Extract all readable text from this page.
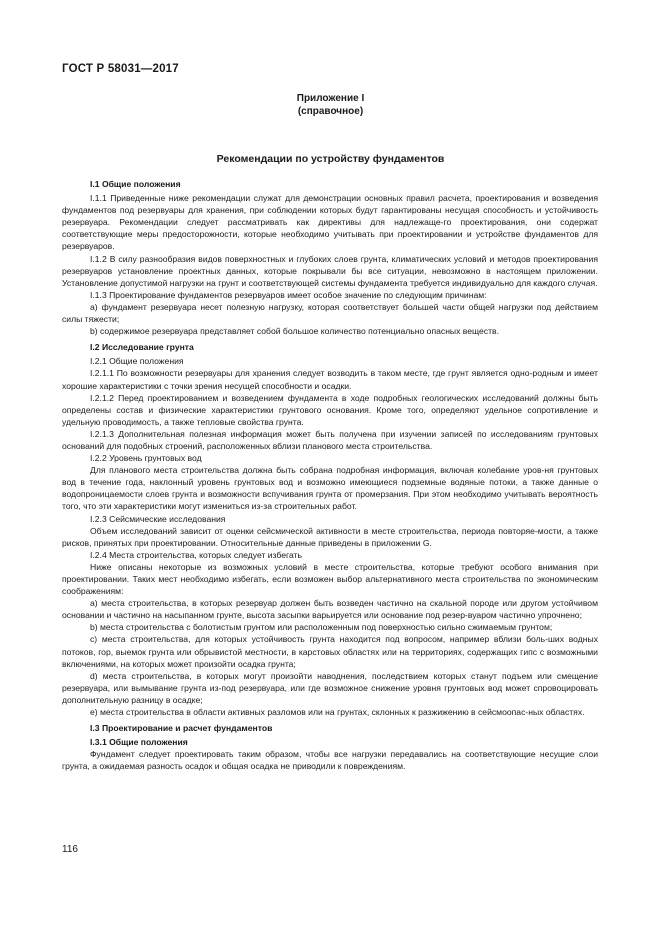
ГОСТ Р 58031—2017
Приложение I
(справочное)
Рекомендации по устройству фундаментов

I.1 Общие положения

I.1.1 Приведенные ниже рекомендации служат для демонстрации основных правил расчета, проектирования и возведения фундаментов под резервуары для хранения, при соблюдении которых будут гарантированы несущая способность и устойчивость резервуара. Рекомендации следует рассматривать как директивы для надлежаще-го проектирования, они содержат соответствующие меры предосторожности, которые необходимо учитывать при проектировании и устройстве фундаментов для резервуаров.

I.1.2 В силу разнообразия видов поверхностных и глубоких слоев грунта, климатических условий и методов проектирования резервуаров установление проектных данных, которые покрывали бы все ситуации, невозможно в настоящем приложении. Установление допустимой нагрузки на грунт и соответствующей системы фундамента требуется индивидуально для каждого случая.

I.1.3 Проектирование фундаментов резервуаров имеет особое значение по следующим причинам:

а) фундамент резервуара несет полезную нагрузку, которая соответствует большей части общей нагрузки под действием силы тяжести;

b) содержимое резервуара представляет собой большое количество потенциально опасных веществ.

I.2 Исследование грунта

I.2.1 Общие положения

I.2.1.1 По возможности резервуары для хранения следует возводить в таком месте, где грунт является одно-родным и имеет хорошие характеристики с точки зрения несущей способности и осадки.

I.2.1.2 Перед проектированием и возведением фундамента в ходе подробных геологических исследований должны быть определены состав и физические характеристики грунтового основания. Кроме того, определяют удельное сопротивление и удельную проводимость, а также тепловые свойства грунта.

I.2.1.3 Дополнительная полезная информация может быть получена при изучении записей по исследованиям грунтовых оснований для подобных строений, расположенных вблизи планового места строительства.

I.2.2 Уровень грунтовых вод

Для планового места строительства должна быть собрана подробная информация, включая колебание уров-ня грунтовых вод в течение года, наклонный уровень грунтовых вод и возможно имеющиеся подземные водяные потоки, а также данные о водопроницаемости слоев грунта и возможности вспучивания грунта от промерзания. При этом необходимо учитывать вероятность того, что эти характеристики могут измениться из-за строительных работ.

I.2.3 Сейсмические исследования

Объем исследований зависит от оценки сейсмической активности в месте строительства, периода повторяе-мости, а также рисков, принятых при проектировании. Относительные данные приведены в приложении G.

I.2.4 Места строительства, которых следует избегать

Ниже описаны некоторые из возможных условий в месте строительства, которые требуют особого внимания при проектировании. Таких мест необходимо избегать, если возможен выбор альтернативного места строительства по экономическим соображениям:

а) места строительства, в которых резервуар должен быть возведен частично на скальной породе или другом устойчивом основании и частично на насыпанном грунте, высота засыпки варьируется или основание под резер-вуаром частично упрочнено;

b) места строительства с болотистым грунтом или расположенным под поверхностью сильно сжимаемым грунтом;

с) места строительства, для которых устойчивость грунта находится под вопросом, например вблизи боль-ших водных потоков, гор, выемок грунта или обрывистой местности, в карстовых областях или на территориях, содержащих гипс с возможными включениями, на которых может произойти осадка грунта;

d) места строительства, в которых могут произойти наводнения, последствием которых станут подъем или смещение резервуара, или вымывание грунта из-под резервуара, или где возможное снижение уровня грунтовых вод может спровоцировать дополнительную разницу в осадке;

е) места строительства в области активных разломов или на грунтах, склонных к разжижению в сейсмоопас-ных областях.

I.3 Проектирование и расчет фундаментов

I.3.1 Общие положения

Фундамент следует проектировать таким образом, чтобы все нагрузки передавались на соответствующие несущие слои грунта, а ожидаемая разность осадок и общая осадка не приводили к повреждениям.

116
